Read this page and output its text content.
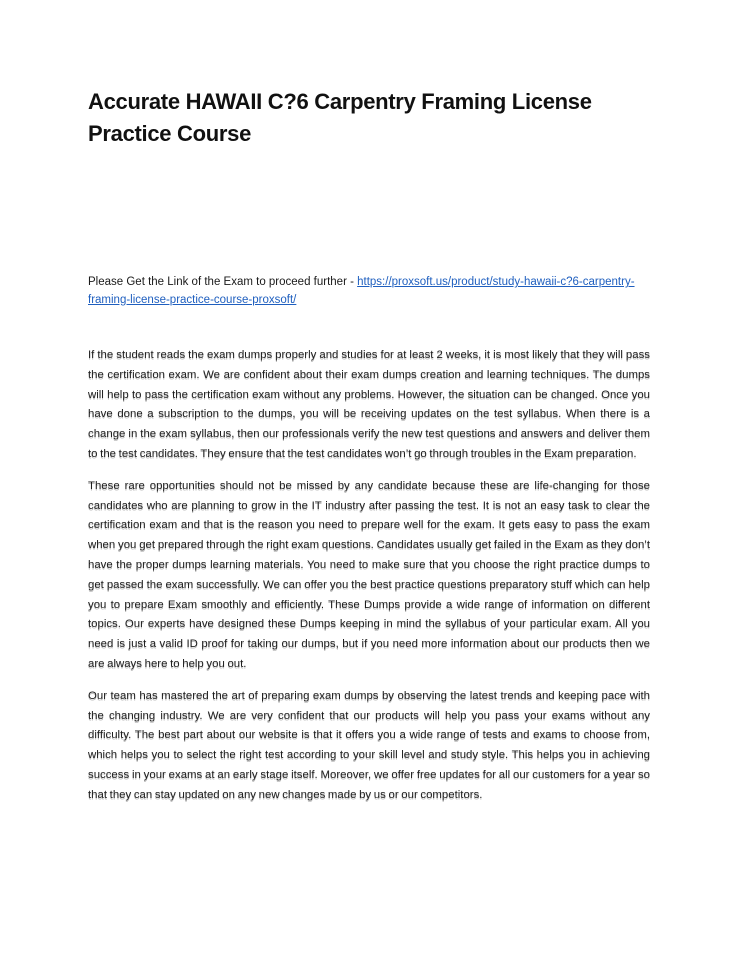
Accurate HAWAII C?6 Carpentry Framing License Practice Course

Please Get the Link of the Exam to proceed further - https://proxsoft.us/product/study-hawaii-c?6-carpentry-framing-license-practice-course-proxsoft/

If the student reads the exam dumps properly and studies for at least 2 weeks, it is most likely that they will pass the certification exam. We are confident about their exam dumps creation and learning techniques. The dumps will help to pass the certification exam without any problems. However, the situation can be changed. Once you have done a subscription to the dumps, you will be receiving updates on the test syllabus. When there is a change in the exam syllabus, then our professionals verify the new test questions and answers and deliver them to the test candidates. They ensure that the test candidates won’t go through troubles in the Exam preparation.

These rare opportunities should not be missed by any candidate because these are life-changing for those candidates who are planning to grow in the IT industry after passing the test. It is not an easy task to clear the certification exam and that is the reason you need to prepare well for the exam. It gets easy to pass the exam when you get prepared through the right exam questions. Candidates usually get failed in the Exam as they don’t have the proper dumps learning materials. You need to make sure that you choose the right practice dumps to get passed the exam successfully. We can offer you the best practice questions preparatory stuff which can help you to prepare Exam smoothly and efficiently. These Dumps provide a wide range of information on different topics. Our experts have designed these Dumps keeping in mind the syllabus of your particular exam. All you need is just a valid ID proof for taking our dumps, but if you need more information about our products then we are always here to help you out.

Our team has mastered the art of preparing exam dumps by observing the latest trends and keeping pace with the changing industry. We are very confident that our products will help you pass your exams without any difficulty. The best part about our website is that it offers you a wide range of tests and exams to choose from, which helps you to select the right test according to your skill level and study style. This helps you in achieving success in your exams at an early stage itself. Moreover, we offer free updates for all our customers for a year so that they can stay updated on any new changes made by us or our competitors.
